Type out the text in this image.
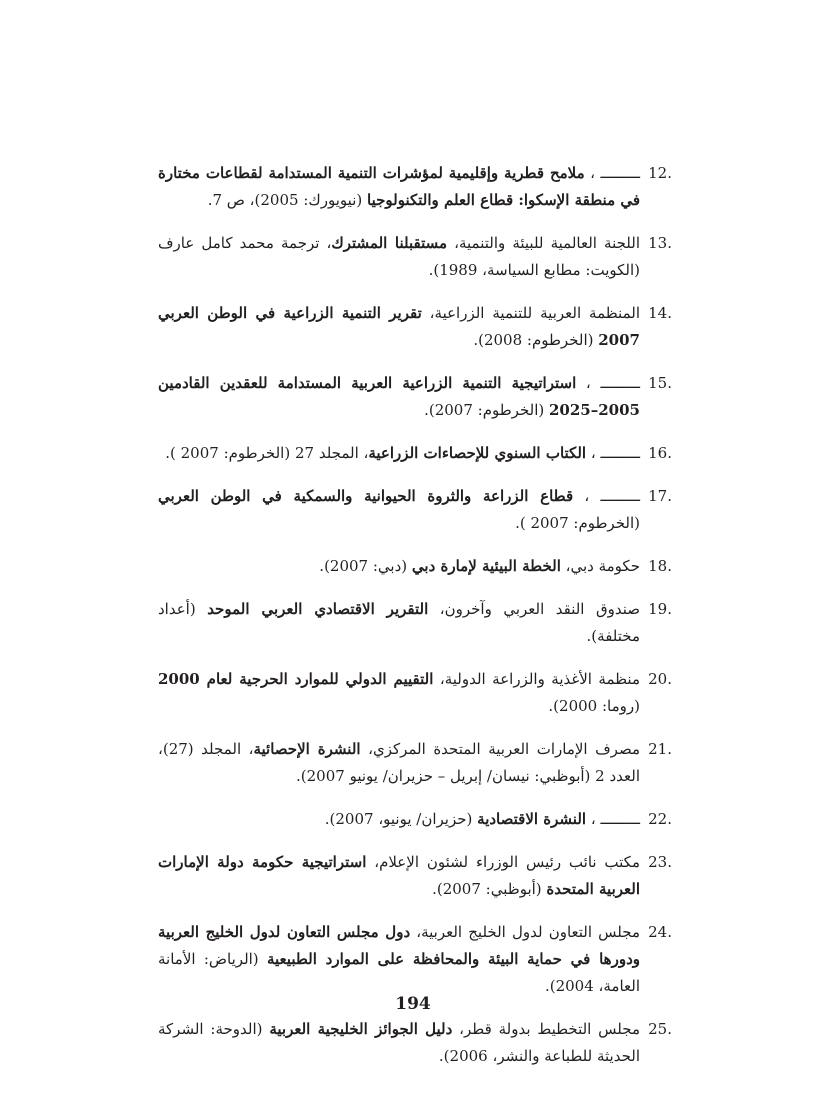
12.
ـــــــــ ، ملامح قطرية وإقليمية لمؤشرات التنمية المستدامة لقطاعات مختارة في منطقة الإسكوا: قطاع العلم والتكنولوجيا (نيويورك: 2005)، ص 7.
13.
اللجنة العالمية للبيئة والتنمية، مستقبلنا المشترك، ترجمة محمد كامل عارف (الكويت: مطابع السياسة، 1989).
14.
المنظمة العربية للتنمية الزراعية، تقرير التنمية الزراعية في الوطن العربي 2007 (الخرطوم: 2008).
15.
ـــــــــ ، استراتيجية التنمية الزراعية العربية المستدامة للعقدين القادمين 2005–2025 (الخرطوم: 2007).
16.
ـــــــــ ، الكتاب السنوي للإحصاءات الزراعية، المجلد 27 (الخرطوم: 2007 ).
17.
ـــــــــ ، قطاع الزراعة والثروة الحيوانية والسمكية في الوطن العربي (الخرطوم: 2007 ).
18.
حكومة دبي، الخطة البيئية لإمارة دبي (دبي: 2007).
19.
صندوق النقد العربي وآخرون، التقرير الاقتصادي العربي الموحد (أعداد مختلفة).
20.
منظمة الأغذية والزراعة الدولية، التقييم الدولي للموارد الحرجية لعام 2000 (روما: 2000).
21.
مصرف الإمارات العربية المتحدة المركزي، النشرة الإحصائية، المجلد (27)، العدد 2 (أبوظبي: نيسان/ إبريل – حزيران/ يونيو 2007).
22.
ـــــــــ ، النشرة الاقتصادية (حزيران/ يونيو، 2007).
23.
مكتب نائب رئيس الوزراء لشئون الإعلام، استراتيجية حكومة دولة الإمارات العربية المتحدة (أبوظبي: 2007).
24.
مجلس التعاون لدول الخليج العربية، دول مجلس التعاون لدول الخليج العربية ودورها في حماية البيئة والمحافظة على الموارد الطبيعية (الرياض: الأمانة العامة، 2004).
25.
مجلس التخطيط بدولة قطر، دليل الجوائز الخليجية العربية (الدوحة: الشركة الحديثة للطباعة والنشر، 2006).
194
